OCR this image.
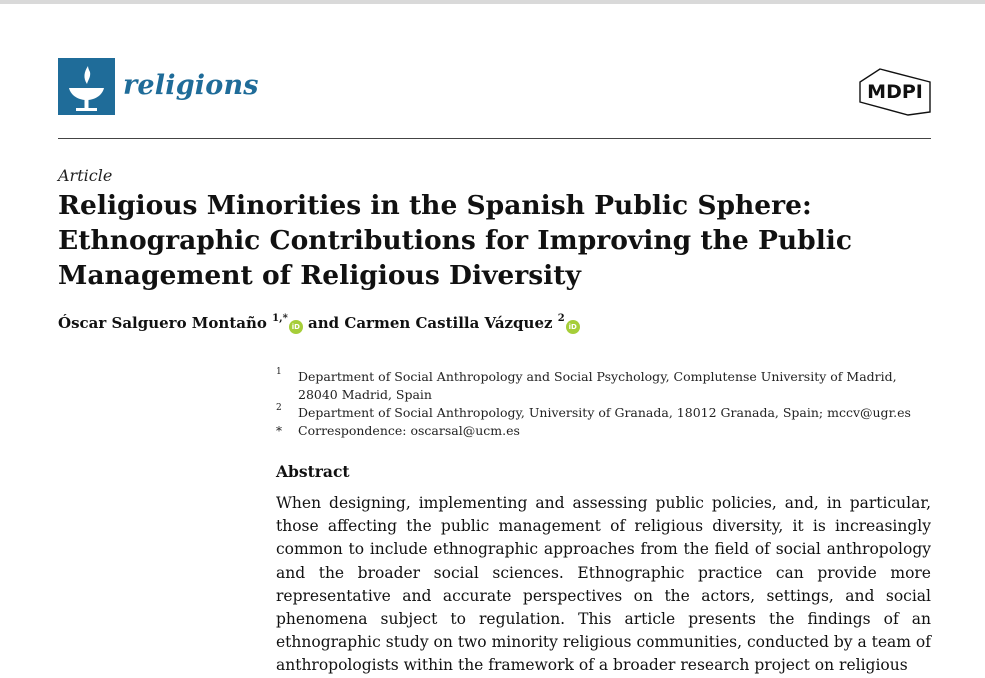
religions	MDPI
Article
Religious Minorities in the Spanish Public Sphere: Ethnographic Contributions for Improving the Public Management of Religious Diversity
Óscar Salguero Montaño $^{1,*}$iD and Carmen Castilla Vázquez $^2$iD
1 Department of Social Anthropology and Social Psychology, Complutense University of Madrid, 28040 Madrid, Spain
2 Department of Social Anthropology, University of Granada, 18012 Granada, Spain; mccv@ugr.es
* Correspondence: oscarsal@ucm.es
Abstract

When designing, implementing and assessing public policies, and, in particular, those affecting the public management of religious diversity, it is increasingly common to include ethnographic approaches from the field of social anthropology and the broader social sciences. Ethnographic practice can provide more representative and accurate perspectives on the actors, settings, and social phenomena subject to regulation. This article presents the findings of an ethnographic study on two minority religious communities, conducted by a team of anthropologists within the framework of a broader research project on religious
